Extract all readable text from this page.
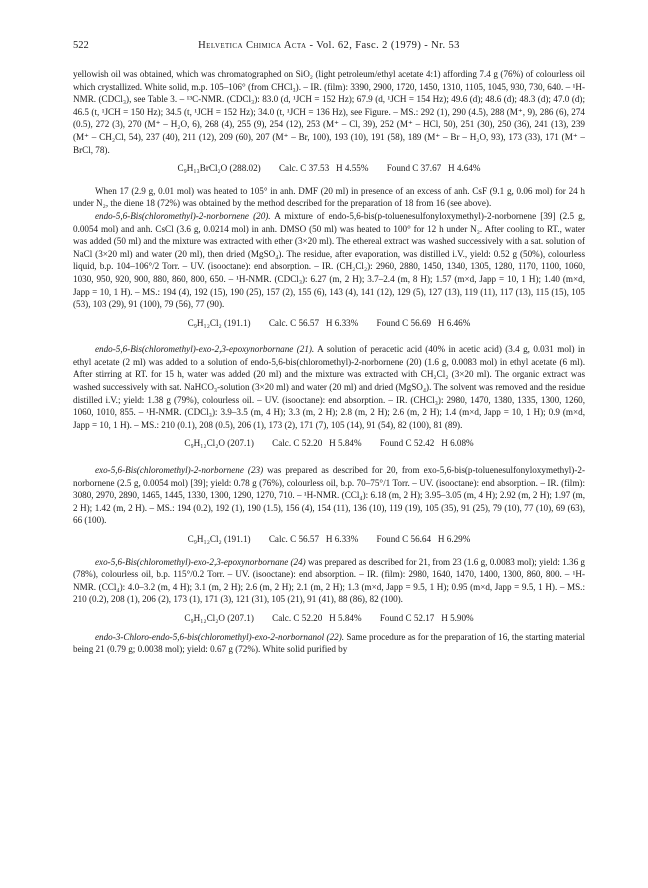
522	Helvetica Chimica Acta - Vol. 62, Fasc. 2 (1979) - Nr. 53

yellowish oil was obtained, which was chromatographed on SiO₂ (light petroleum/ethyl acetate 4:1) affording 7.4 g (76%) of colourless oil which crystallized. White solid, m.p. 105–106° (from CHCl₃). – IR. (film): 3390, 2900, 1720, 1450, 1310, 1105, 1045, 930, 730, 640. – ¹H-NMR. (CDCl₃), see Table 3. – ¹³C-NMR. (CDCl₃): 83.0 (d, ¹JCH = 152 Hz); 67.9 (d, ¹JCH = 154 Hz); 49.6 (d); 48.6 (d); 48.3 (d); 47.0 (d); 46.5 (t, ¹JCH = 150 Hz); 34.5 (t, ¹JCH = 152 Hz); 34.0 (t, ¹JCH = 136 Hz), see Figure. – MS.: 292 (1), 290 (4.5), 288 (M⁺, 9), 286 (6), 274 (0.5), 272 (3), 270 (M⁺ – H₂O, 6), 268 (4), 255 (9), 254 (12), 253 (M⁺ – Cl, 39), 252 (M⁺ – HCl, 50), 251 (30), 250 (36), 241 (13), 239 (M⁺ – CH₂Cl, 54), 237 (40), 211 (12), 209 (60), 207 (M⁺ – Br, 100), 193 (10), 191 (58), 189 (M⁺ – Br – H₂O, 93), 173 (33), 171 (M⁺ – BrCl, 78).

C₉H₁₃BrCl₂O (288.02) Calc. C 37.53   H 4.55% Found C 37.67   H 4.64%

When 17 (2.9 g, 0.01 mol) was heated to 105° in anh. DMF (20 ml) in presence of an excess of anh. CsF (9.1 g, 0.06 mol) for 24 h under N₂, the diene 18 (72%) was obtained by the method described for the preparation of 18 from 16 (see above).

endo-5,6-Bis(chloromethyl)-2-norbornene (20). A mixture of endo-5,6-bis(p-toluenesulfonyloxymethyl)-2-norbornene [39] (2.5 g, 0.0054 mol) and anh. CsCl (3.6 g, 0.0214 mol) in anh. DMSO (50 ml) was heated to 100° for 12 h under N₂. After cooling to RT., water was added (50 ml) and the mixture was extracted with ether (3×20 ml). The ethereal extract was washed successively with a sat. solution of NaCl (3×20 ml) and water (20 ml), then dried (MgSO₄). The residue, after evaporation, was distilled i.V., yield: 0.52 g (50%), colourless liquid, b.p. 104–106°/2 Torr. – UV. (isooctane): end absorption. – IR. (CH₂Cl₂): 2960, 2880, 1450, 1340, 1305, 1280, 1170, 1100, 1060, 1030, 950, 920, 900, 880, 860, 800, 650. – ¹H-NMR. (CDCl₃): 6.27 (m, 2 H); 3.7–2.4 (m, 8 H); 1.57 (m×d, Japp = 10, 1 H); 1.40 (m×d, Japp = 10, 1 H). – MS.: 194 (4), 192 (15), 190 (25), 157 (2), 155 (6), 143 (4), 141 (12), 129 (5), 127 (13), 119 (11), 117 (13), 115 (15), 105 (53), 103 (29), 91 (100), 79 (56), 77 (90).

C₉H₁₂Cl₂ (191.1) Calc. C 56.57   H 6.33% Found C 56.69   H 6.46%

endo-5,6-Bis(chloromethyl)-exo-2,3-epoxynorbornane (21). A solution of peracetic acid (40% in acetic acid) (3.4 g, 0.031 mol) in ethyl acetate (2 ml) was added to a solution of endo-5,6-bis(chloromethyl)-2-norbornene (20) (1.6 g, 0.0083 mol) in ethyl acetate (6 ml). After stirring at RT. for 15 h, water was added (20 ml) and the mixture was extracted with CH₂Cl₂ (3×20 ml). The organic extract was washed successively with sat. NaHCO₃-solution (3×20 ml) and water (20 ml) and dried (MgSO₄). The solvent was removed and the residue distilled i.V.; yield: 1.38 g (79%), colourless oil. – UV. (isooctane): end absorption. – IR. (CHCl₃): 2980, 1470, 1380, 1335, 1300, 1260, 1060, 1010, 855. – ¹H-NMR. (CDCl₃): 3.9–3.5 (m, 4 H); 3.3 (m, 2 H); 2.8 (m, 2 H); 2.6 (m, 2 H); 1.4 (m×d, Japp = 10, 1 H); 0.9 (m×d, Japp = 10, 1 H). – MS.: 210 (0.1), 208 (0.5), 206 (1), 173 (2), 171 (7), 105 (14), 91 (54), 82 (100), 81 (89).

C₉H₁₂Cl₂O (207.1) Calc. C 52.20   H 5.84% Found C 52.42   H 6.08%

exo-5,6-Bis(chloromethyl)-2-norbornene (23) was prepared as described for 20, from exo-5,6-bis(p-toluenesulfonyloxymethyl)-2-norbornene (2.5 g, 0.0054 mol) [39]; yield: 0.78 g (76%), colourless oil, b.p. 70–75°/1 Torr. – UV. (isooctane): end absorption. – IR. (film): 3080, 2970, 2890, 1465, 1445, 1330, 1300, 1290, 1270, 710. – ¹H-NMR. (CCl₄): 6.18 (m, 2 H); 3.95–3.05 (m, 4 H); 2.92 (m, 2 H); 1.97 (m, 2 H); 1.42 (m, 2 H). – MS.: 194 (0.2), 192 (1), 190 (1.5), 156 (4), 154 (11), 136 (10), 119 (19), 105 (35), 91 (25), 79 (10), 77 (10), 69 (63), 66 (100).

C₉H₁₂Cl₂ (191.1) Calc. C 56.57   H 6.33% Found C 56.64   H 6.29%

exo-5,6-Bis(chloromethyl)-exo-2,3-epoxynorbornane (24) was prepared as described for 21, from 23 (1.6 g, 0.0083 mol); yield: 1.36 g (78%), colourless oil, b.p. 115°/0.2 Torr. – UV. (isooctane): end absorption. – IR. (film): 2980, 1640, 1470, 1400, 1300, 860, 800. – ¹H-NMR. (CCl₄): 4.0–3.2 (m, 4 H); 3.1 (m, 2 H); 2.6 (m, 2 H); 2.1 (m, 2 H); 1.3 (m×d, Japp = 9.5, 1 H); 0.95 (m×d, Japp = 9.5, 1 H). – MS.: 210 (0.2), 208 (1), 206 (2), 173 (1), 171 (3), 121 (31), 105 (21), 91 (41), 88 (86), 82 (100).

C₉H₁₂Cl₂O (207.1) Calc. C 52.20   H 5.84% Found C 52.17   H 5.90%

endo-3-Chloro-endo-5,6-bis(chloromethyl)-exo-2-norbornanol (22). Same procedure as for the preparation of 16, the starting material being 21 (0.79 g; 0.0038 mol); yield: 0.67 g (72%). White solid purified by
